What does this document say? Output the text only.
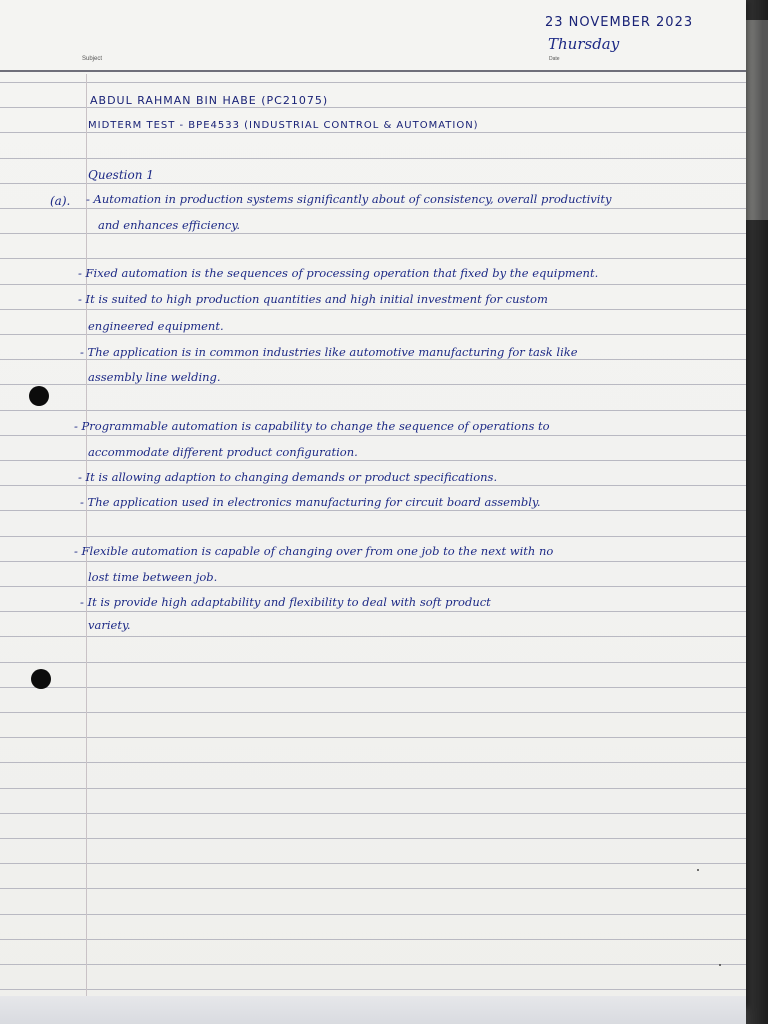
Subject	Date
23 NOVEMBER 2023
Thursday
ABDUL RAHMAN BIN HABE (PC21075)
MIDTERM TEST - BPE4533 (INDUSTRIAL CONTROL & AUTOMATION)
Question 1
(a). - Automation in production systems significantly about of consistency, overall productivity
and enhances efficiency.
- Fixed automation is the sequences of processing operation that fixed by the equipment.
- It is suited to high production quantities and high initial investment for custom
engineered equipment.
- The application is in common industries like automotive manufacturing for task like
assembly line welding.
- Programmable automation is capability to change the sequence of operations to
accommodate different product configuration.
- It is allowing adaption to changing demands or product specifications.
- The application used in electronics manufacturing for circuit board assembly.
- Flexible automation is capable of changing over from one job to the next with no
lost time between job.
- It is provide high adaptability and flexibility to deal with soft product
variety.
